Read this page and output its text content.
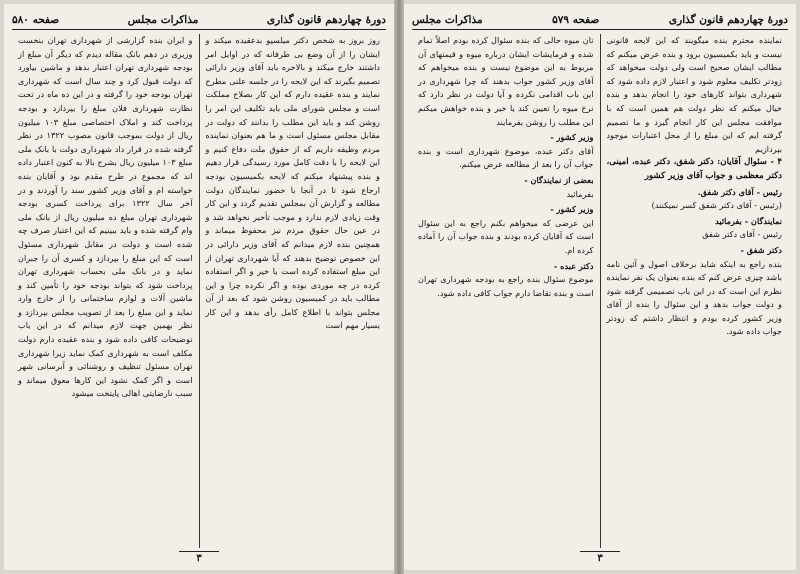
دورهٔ چهاردهم قانون گذاری
مذاکرات مجلس
صفحه ۵۸۰

روز بروز به شخص دکتر میلسپو بدعقیده میکند و ایشان را از آن وضع بی طرفانه که در اوایل امر داشتند خارج میکند و بالاخره باید آقای وزیر دارائی تصمیم بگیرند که این لایحه را در جلسه علنی مطرح نمایند و بنده عقیده دارم که این کار بصلاح مملکت است و مجلس شورای ملی باید تکلیف این امر را روشن کند و باید این مطلب را بدانند که دولت در مقابل مجلس مسئول است و ما هم بعنوان نماینده مردم وظیفه داریم که از حقوق ملت دفاع کنیم و این لایحه را با دقت کامل مورد رسیدگی قرار دهیم و بنده پیشنهاد میکنم که لایحه بکمیسیون بودجه ارجاع شود تا در آنجا با حضور نمایندگان دولت مطالعه و گزارش آن بمجلس تقدیم گردد و این کار وقت زیادی لازم ندارد و موجب تأخیر نخواهد شد و در عین حال حقوق مردم نیز محفوظ میماند و همچنین بنده لازم میدانم که آقای وزیر دارائی در این خصوص توضیح بدهند که آیا شهرداری تهران از این مبلغ استفاده کرده است یا خیر و اگر استفاده کرده در چه موردی بوده و اگر نکرده چرا و این مطالب باید در کمیسیون روشن شود که بعد از آن مجلس بتواند با اطلاع کامل رأی بدهد و این کار بسیار مهم است

و ایران بنده گزارشی از شهرداری تهران بنخست وزیری در دهم بانک مقاله دیدم که دیگر آن مبلغ از بودجه شهرداری تهران اعتبار بدهد و ماشین بیاورد که دولت قبول کرد و چند سال است که شهرداری تهران بودجه خود را گرفته و در این ده ماه در تحت نظارت شهرداری فلان مبلغ را بپردازد و بودجه پرداخت کند و املاک اختصاصی مبلغ ۱۰۳ میلیون ریال از دولت بموجب قانون مصوب ۱۳۲۲ در نظر گرفته شده در قرار داد شهرداری دولت با بانک ملی مبلغ ۱۰۳ میلیون ریال بشرح بالا به کنون اعتبار داده اند که مجموع در طرح مقدم بود و آقایان بنده خواسته ام و آقای وزیر کشور سند را آوردند و در آخر سال ۱۳۲۲ برای پرداخت کسری بودجه شهرداری تهران مبلغ ده میلیون ریال از بانک ملی وام گرفته شده و باید ببینیم که این اعتبار صرف چه شده است و دولت در مقابل شهرداری مسئول است که این مبلغ را بپردازد و کسری آن را جبران نماید و در بانک ملی بحساب شهرداری تهران پرداخت شود که بتواند بودجه خود را تأمین کند و ماشین آلات و لوازم ساختمانی را از خارج وارد نماید و این مبلغ را بعد از تصویب مجلس بپردازد و نظر بهمین جهت لازم میدانم که در این باب توضیحات کافی داده شود و بنده عقیده دارم دولت مکلف است به شهرداری کمک نماید زیرا شهرداری تهران مسئول تنظیف و روشنائی و آبرسانی شهر است و اگر کمک نشود این کارها معوق میماند و سبب نارضایتی اهالی پایتخت میشود

۳
دورهٔ چهاردهم قانون گذاری
صفحه ۵۷۹
مذاکرات مجلس

نماینده محترم بنده میگویند که این لایحه قانونی نیست و باید بکمیسیون برود و بنده عرض میکنم که مطالب ایشان صحیح است ولی دولت میخواهد که زودتر تکلیف معلوم شود و اعتبار لازم داده شود که شهرداری بتواند کارهای خود را انجام بدهد و بنده خیال میکنم که نظر دولت هم همین است که با موافقت مجلس این کار انجام گیرد و ما تصمیم گرفته ایم که این مبلغ را از محل اعتبارات موجود بپردازیم

۴ - سئوال آقایان: دکتر شفق، دکتر عبده، امینی، دکتر معظمی و جواب آقای وزیر کشور

رئیس - آقای دکتر شفق.
(رئیس - آقای دکتر شفق کسر نمیکنند)
نمایندگان - بفرمائید
رئیس - آقای دکتر شفق
دکتر شفق -
بنده راجع به اینکه شاید برخلاف اصول و آئین نامه باشد چیزی عرض کنم که بنده بعنوان یک نفر نماینده نظرم این است که در این باب تصمیمی گرفته شود و دولت جواب بدهد و این سئوال را بنده از آقای وزیر کشور کرده بودم و انتظار داشتم که زودتر جواب داده شود.

تان میوه حالی که بنده سئوال کرده بودم اصلاً تمام شده و فرمایشات ایشان درباره میوه و قیمتهای آن مربوط به این موضوع نیست و بنده میخواهم که آقای وزیر کشور جواب بدهند که چرا شهرداری در این باب اقدامی نکرده و آیا دولت در نظر دارد که نرخ میوه را تعیین کند یا خیر و بنده خواهش میکنم این مطلب را روشن بفرمایند

وزیر کشور -
آقای دکتر عبده، موضوع شهرداری است و بنده جواب آن را بعد از مطالعه عرض میکنم.
بعضی از نمایندگان -
بفرمائید
وزیر کشور -
این عرضی که میخواهم بکنم راجع به این سئوال است که آقایان کرده بودند و بنده جواب آن را آماده کرده ام.
دکتر عبده -
موضوع سئوال بنده راجع به بودجه شهرداری تهران است و بنده تقاضا دارم جواب کافی داده شود.
۳
